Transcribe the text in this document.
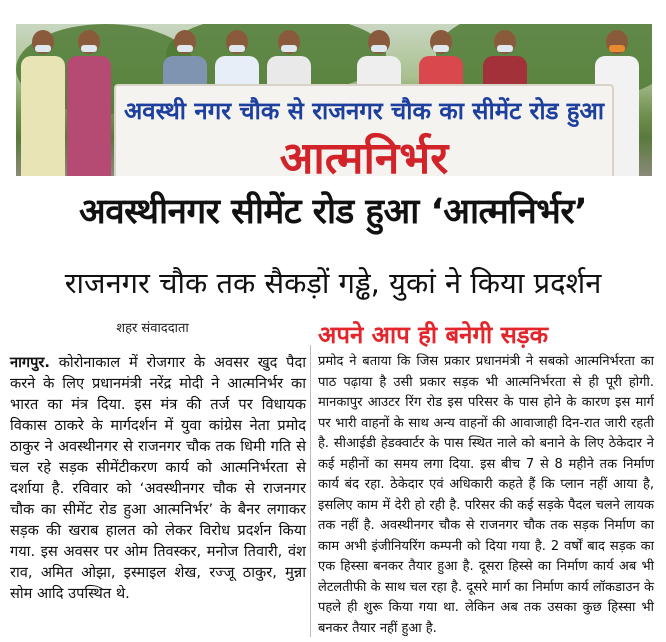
अवस्थी नगर चौक से राजनगर चौक का सीमेंट रोड हुआ
आत्मनिर्भर
अवस्थीनगर सीमेंट रोड हुआ ‘आत्मनिर्भर’
राजनगर चौक तक सैकड़ों गड्ढे, युकां ने किया प्रदर्शन
शहर संवाददाता	अपने आप ही बनेगी सड़क
नागपुर. कोरोनाकाल में रोजगार के अवसर खुद पैदा करने के लिए प्रधानमंत्री नरेंद्र मोदी ने आत्मनिर्भर का भारत का मंत्र दिया. इस मंत्र की तर्ज पर विधायक विकास ठाकरे के मार्गदर्शन में युवा कांग्रेस नेता प्रमोद ठाकुर ने अवस्थीनगर से राजनगर चौक तक धिमी गति से चल रहे सड़क सीमेंटीकरण कार्य को आत्मनिर्भरता से दर्शाया है. रविवार को ‘अवस्थीनगर चौक से राजनगर चौक का सीमेंट रोड हुआ आत्मनिर्भर’ के बैनर लगाकर सड़क की खराब हालत को लेकर विरोध प्रदर्शन किया गया. इस अवसर पर ओम तिवस्कर, मनोज तिवारी, वंश राव, अमित ओझा, इस्माइल शेख, रज्जू ठाकुर, मुन्ना सोम आदि उपस्थित थे.
प्रमोद ने बताया कि जिस प्रकार प्रधानमंत्री ने सबको आत्मनिर्भरता का पाठ पढ़ाया है उसी प्रकार सड़क भी आत्मनिर्भरता से ही पूरी होगी. मानकापुर आउटर रिंग रोड इस परिसर के पास होने के कारण इस मार्ग पर भारी वाहनों के साथ अन्य वाहनों की आवाजाही दिन-रात जारी रहती है. सीआईडी हेडक्वार्टर के पास स्थित नाले को बनाने के लिए ठेकेदार ने कई महीनों का समय लगा दिया. इस बीच 7 से 8 महीने तक निर्माण कार्य बंद रहा. ठेकेदार एवं अधिकारी कहते हैं कि प्लान नहीं आया है, इसलिए काम में देरी हो रही है. परिसर की कई सड़के पैदल चलने लायक तक नहीं है. अवस्थीनगर चौक से राजनगर चौक तक सड़क निर्माण का काम अभी इंजीनियरिंग कम्पनी को दिया गया है. 2 वर्षों बाद सड़क का एक हिस्सा बनकर तैयार हुआ है. दूसरा हिस्से का निर्माण कार्य अब भी लेटलतीफी के साथ चल रहा है. दूसरे मार्ग का निर्माण कार्य लॉकडाउन के पहले ही शुरू किया गया था. लेकिन अब तक उसका कुछ हिस्सा भी बनकर तैयार नहीं हुआ है.
